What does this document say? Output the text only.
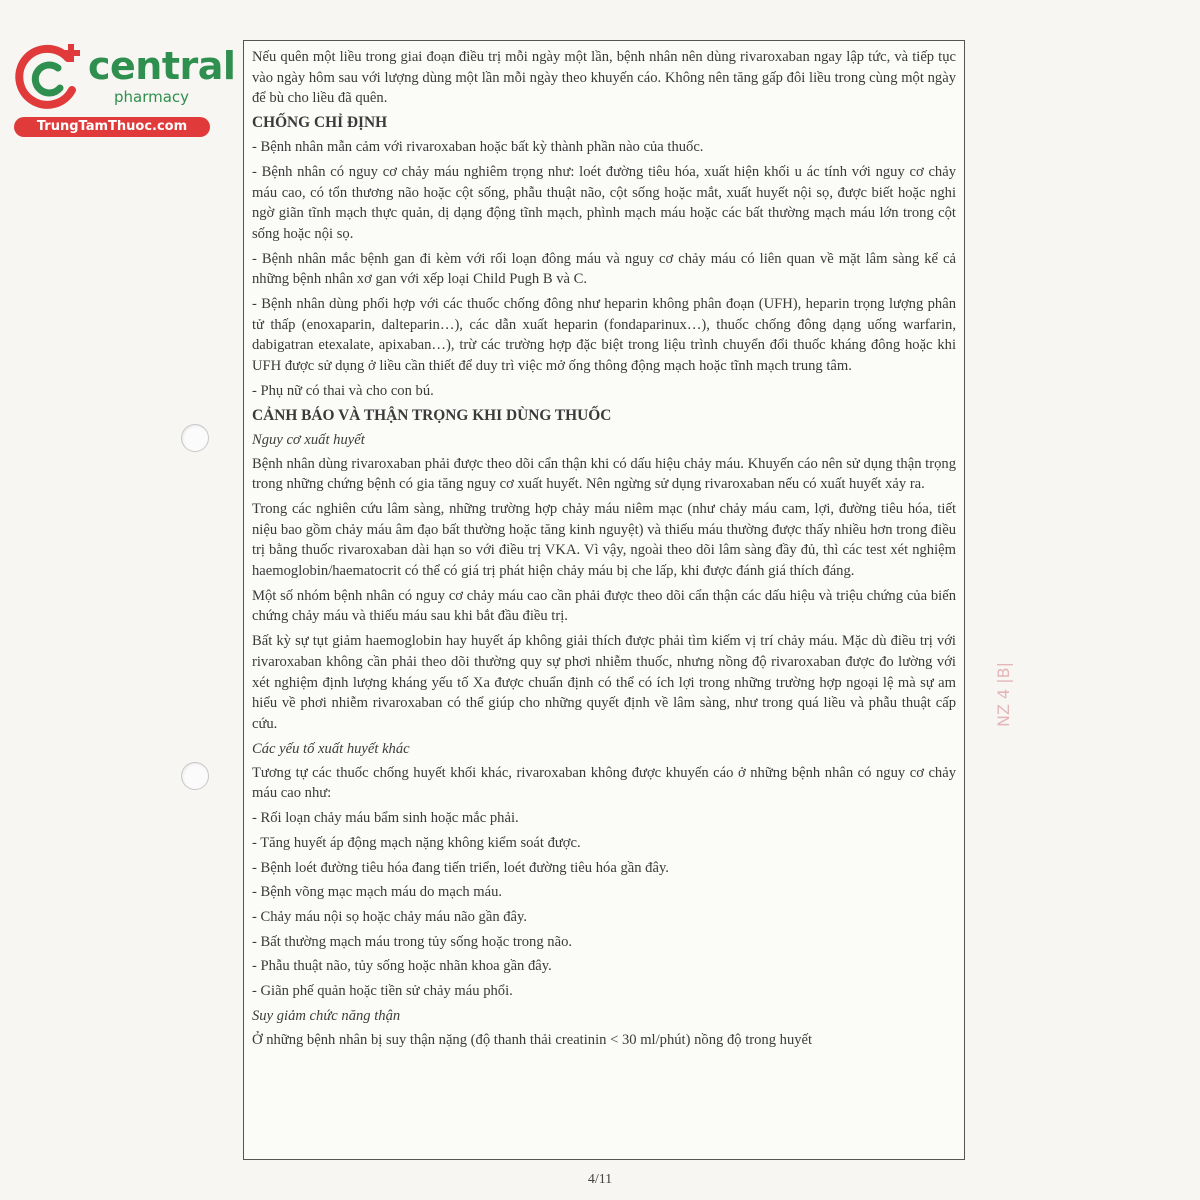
central
pharmacy
TrungTamThuoc.com

Nếu quên một liều trong giai đoạn điều trị mỗi ngày một lần, bệnh nhân nên dùng rivaroxaban ngay lập tức, và tiếp tục vào ngày hôm sau với lượng dùng một lần mỗi ngày theo khuyến cáo. Không nên tăng gấp đôi liều trong cùng một ngày để bù cho liều đã quên.

CHỐNG CHỈ ĐỊNH

- Bệnh nhân mẫn cảm với rivaroxaban hoặc bất kỳ thành phần nào của thuốc.

- Bệnh nhân có nguy cơ chảy máu nghiêm trọng như: loét đường tiêu hóa, xuất hiện khối u ác tính với nguy cơ chảy máu cao, có tổn thương não hoặc cột sống, phẫu thuật não, cột sống hoặc mắt, xuất huyết nội sọ, được biết hoặc nghi ngờ giãn tĩnh mạch thực quản, dị dạng động tĩnh mạch, phình mạch máu hoặc các bất thường mạch máu lớn trong cột sống hoặc nội sọ.

- Bệnh nhân mắc bệnh gan đi kèm với rối loạn đông máu và nguy cơ chảy máu có liên quan về mặt lâm sàng kể cả những bệnh nhân xơ gan với xếp loại Child Pugh B và C.

- Bệnh nhân dùng phối hợp với các thuốc chống đông như heparin không phân đoạn (UFH), heparin trọng lượng phân tử thấp (enoxaparin, dalteparin…), các dẫn xuất heparin (fondaparinux…), thuốc chống đông dạng uống warfarin, dabigatran etexalate, apixaban…), trừ các trường hợp đặc biệt trong liệu trình chuyển đổi thuốc kháng đông hoặc khi UFH được sử dụng ở liều cần thiết để duy trì việc mở ống thông động mạch hoặc tĩnh mạch trung tâm.

- Phụ nữ có thai và cho con bú.

CẢNH BÁO VÀ THẬN TRỌNG KHI DÙNG THUỐC
Nguy cơ xuất huyết

Bệnh nhân dùng rivaroxaban phải được theo dõi cẩn thận khi có dấu hiệu chảy máu. Khuyến cáo nên sử dụng thận trọng trong những chứng bệnh có gia tăng nguy cơ xuất huyết. Nên ngừng sử dụng rivaroxaban nếu có xuất huyết xảy ra.

Trong các nghiên cứu lâm sàng, những trường hợp chảy máu niêm mạc (như chảy máu cam, lợi, đường tiêu hóa, tiết niệu bao gồm chảy máu âm đạo bất thường hoặc tăng kinh nguyệt) và thiếu máu thường được thấy nhiều hơn trong điều trị bằng thuốc rivaroxaban dài hạn so với điều trị VKA. Vì vậy, ngoài theo dõi lâm sàng đầy đủ, thì các test xét nghiệm haemoglobin/haematocrit có thể có giá trị phát hiện chảy máu bị che lấp, khi được đánh giá thích đáng.

Một số nhóm bệnh nhân có nguy cơ chảy máu cao cần phải được theo dõi cẩn thận các dấu hiệu và triệu chứng của biến chứng chảy máu và thiếu máu sau khi bắt đầu điều trị.

Bất kỳ sự tụt giảm haemoglobin hay huyết áp không giải thích được phải tìm kiếm vị trí chảy máu. Mặc dù điều trị với rivaroxaban không cần phải theo dõi thường quy sự phơi nhiễm thuốc, nhưng nồng độ rivaroxaban được đo lường với xét nghiệm định lượng kháng yếu tố Xa được chuẩn định có thể có ích lợi trong những trường hợp ngoại lệ mà sự am hiểu về phơi nhiễm rivaroxaban có thể giúp cho những quyết định về lâm sàng, như trong quá liều và phẫu thuật cấp cứu.

Các yếu tố xuất huyết khác

Tương tự các thuốc chống huyết khối khác, rivaroxaban không được khuyến cáo ở những bệnh nhân có nguy cơ chảy máu cao như:

- Rối loạn chảy máu bẩm sinh hoặc mắc phải.

- Tăng huyết áp động mạch nặng không kiểm soát được.

- Bệnh loét đường tiêu hóa đang tiến triển, loét đường tiêu hóa gần đây.

- Bệnh võng mạc mạch máu do mạch máu.

- Chảy máu nội sọ hoặc chảy máu não gần đây.

- Bất thường mạch máu trong tủy sống hoặc trong não.

- Phẫu thuật não, tủy sống hoặc nhãn khoa gần đây.

- Giãn phế quản hoặc tiền sử chảy máu phổi.

Suy giảm chức năng thận

Ở những bệnh nhân bị suy thận nặng (độ thanh thải creatinin < 30 ml/phút) nồng độ trong huyết

NZ 4 |B|
4/11
